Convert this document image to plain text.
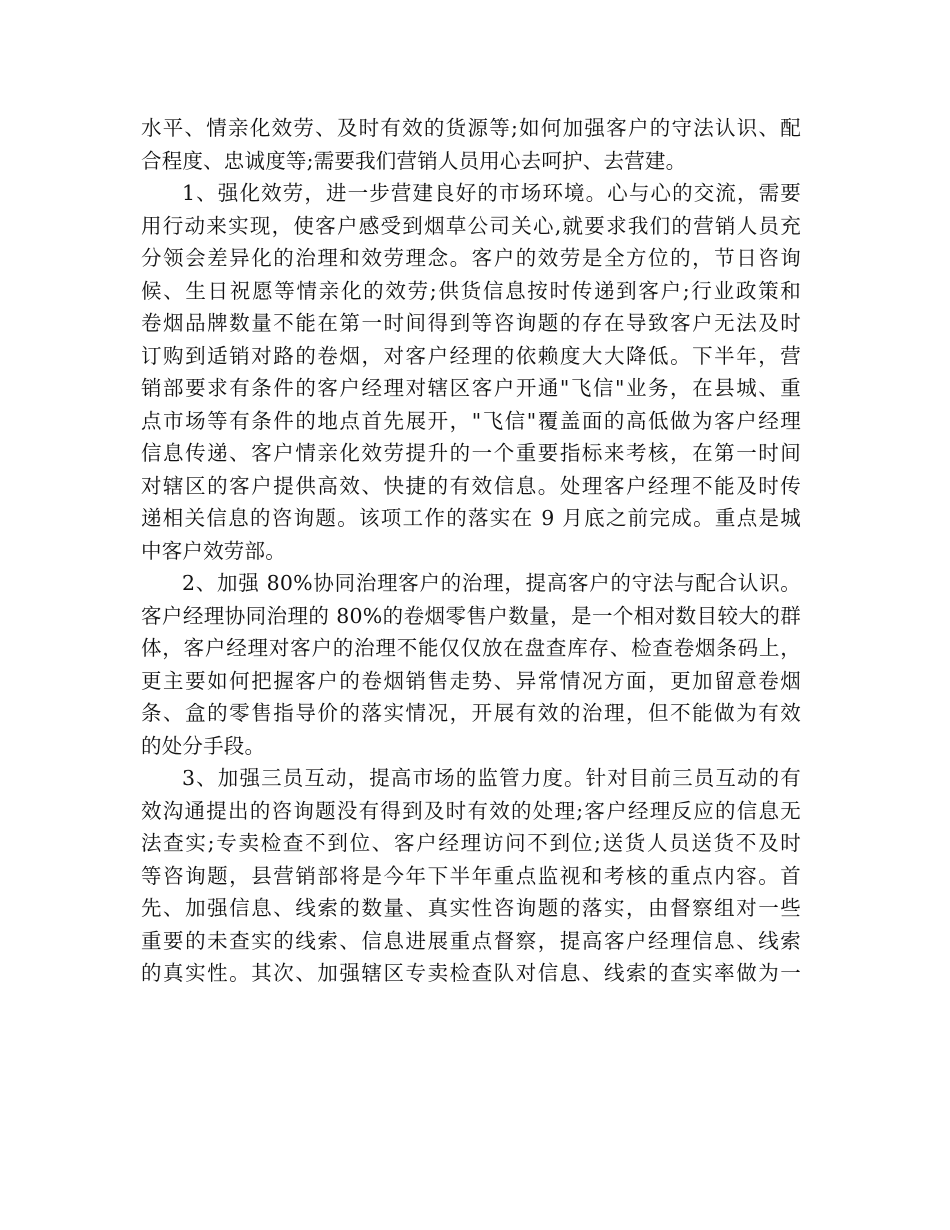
水平、情亲化效劳、及时有效的货源等;如何加强客户的守法认识、配
合程度、忠诚度等;需要我们营销人员用心去呵护、去营建。
1、强化效劳，进一步营建良好的市场环境。心与心的交流，需要
用行动来实现，使客户感受到烟草公司关心,就要求我们的营销人员充
分领会差异化的治理和效劳理念。客户的效劳是全方位的，节日咨询
候、生日祝愿等情亲化的效劳;供货信息按时传递到客户;行业政策和
卷烟品牌数量不能在第一时间得到等咨询题的存在导致客户无法及时
订购到适销对路的卷烟，对客户经理的依赖度大大降低。下半年，营
销部要求有条件的客户经理对辖区客户开通"飞信"业务，在县城、重
点市场等有条件的地点首先展开，"飞信"覆盖面的高低做为客户经理
信息传递、客户情亲化效劳提升的一个重要指标来考核，在第一时间
对辖区的客户提供高效、快捷的有效信息。处理客户经理不能及时传
递相关信息的咨询题。该项工作的落实在 9 月底之前完成。重点是城
中客户效劳部。
2、加强 80%协同治理客户的治理，提高客户的守法与配合认识。
客户经理协同治理的 80%的卷烟零售户数量，是一个相对数目较大的群
体，客户经理对客户的治理不能仅仅放在盘查库存、检查卷烟条码上，
更主要如何把握客户的卷烟销售走势、异常情况方面，更加留意卷烟
条、盒的零售指导价的落实情况，开展有效的治理，但不能做为有效
的处分手段。
3、加强三员互动，提高市场的监管力度。针对目前三员互动的有
效沟通提出的咨询题没有得到及时有效的处理;客户经理反应的信息无
法查实;专卖检查不到位、客户经理访问不到位;送货人员送货不及时
等咨询题，县营销部将是今年下半年重点监视和考核的重点内容。首
先、加强信息、线索的数量、真实性咨询题的落实，由督察组对一些
重要的未查实的线索、信息进展重点督察，提高客户经理信息、线索
的真实性。其次、加强辖区专卖检查队对信息、线索的查实率做为一
